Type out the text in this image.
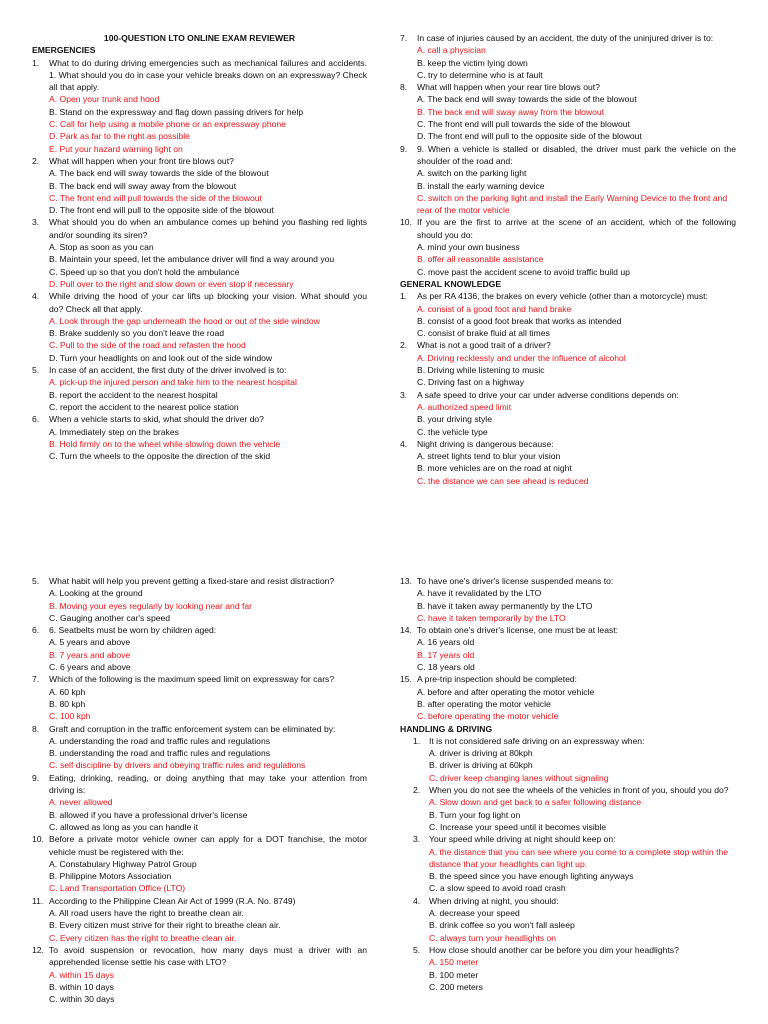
100-QUESTION LTO ONLINE EXAM REVIEWER
EMERGENCIES
1. What to do during driving emergencies such as mechanical failures and accidents. 1. What should you do in case your vehicle breaks down on an expressway? Check all that apply.
A. Open your trunk and hood
B. Stand on the expressway and flag down passing drivers for help
C. Call for help using a mobile phone or an expressway phone
D. Park as far to the right as possible
E. Put your hazard warning light on
2. What will happen when your front tire blows out?
A. The back end will sway towards the side of the blowout
B. The back end will sway away from the blowout
C. The front end will pull towards the side of the blowout
D. The front end will pull to the opposite side of the blowout
3. What should you do when an ambulance comes up behind you flashing red lights and/or sounding its siren?
A. Stop as soon as you can
B. Maintain your speed, let the ambulance driver will find a way around you
C. Speed up so that you don't hold the ambulance
D. Pull over to the right and slow down or even stop if necessary
4. While driving the hood of your car lifts up blocking your vision. What should you do? Check all that apply.
A. Look through the gap underneath the hood or out of the side window
B. Brake suddenly so you don't leave the road
C. Pull to the side of the road and refasten the hood
D. Turn your headlights on and look out of the side window
5. In case of an accident, the first duty of the driver involved is to:
A. pick-up the injured person and take him to the nearest hospital
B. report the accident to the nearest hospital
C. report the accident to the nearest police station
6. When a vehicle starts to skid, what should the driver do?
A. Immediately step on the brakes
B. Hold firmly on to the wheel while slowing down the vehicle
C. Turn the wheels to the opposite the direction of the skid
7. In case of injuries caused by an accident, the duty of the uninjured driver is to:
A. call a physician
B. keep the victim lying down
C. try to determine who is at fault
8. What will happen when your rear tire blows out?
A. The back end will sway towards the side of the blowout
B. The back end will sway away from the blowout
C. The front end will pull towards the side of the blowout
D. The front end will pull to the opposite side of the blowout
9. 9. When a vehicle is stalled or disabled, the driver must park the vehicle on the shoulder of the road and:
A. switch on the parking light
B. install the early warning device
C. switch on the parking light and install the Early Warning Device to the front and rear of the motor vehicle
10. If you are the first to arrive at the scene of an accident, which of the following should you do:
A. mind your own business
B. offer all reasonable assistance
C. move past the accident scene to avoid traffic build up
GENERAL KNOWLEDGE
1. As per RA 4136, the brakes on every vehicle (other than a motorcycle) must:
A. consist of a good foot and hand brake
B. consist of a good foot break that works as intended
C. consist of brake fluid at all times
2. What is not a good trait of a driver?
A. Driving recklessly and under the influence of alcohol
B. Driving while listening to music
C. Driving fast on a highway
3. A safe speed to drive your car under adverse conditions depends on:
A. authorized speed limit
B. your driving style
C. the vehicle type
4. Night driving is dangerous because:
A. street lights tend to blur your vision
B. more vehicles are on the road at night
C. the distance we can see ahead is reduced
5. What habit will help you prevent getting a fixed-stare and resist distraction?
A. Looking at the ground
B. Moving your eyes regularly by looking near and far
C. Gauging another car's speed
6. 6. Seatbelts must be worn by children aged:
A. 5 years and above
B. 7 years and above
C. 6 years and above
7. Which of the following is the maximum speed limit on expressway for cars?
A. 60 kph
B. 80 kph
C. 100 kph
8. Graft and corruption in the traffic enforcement system can be eliminated by:
A. understanding the road and traffic rules and regulations
B. understanding the road and traffic rules and regulations
C. self discipline by drivers and obeying traffic rules and regulations
9. Eating, drinking, reading, or doing anything that may take your attention from driving is:
A. never allowed
B. allowed if you have a professional driver's license
C. allowed as long as you can handle it
10. Before a private motor vehicle owner can apply for a DOT franchise, the motor vehicle must be registered with the:
A. Constabulary Highway Patrol Group
B. Philippine Motors Association
C. Land Transportation Office (LTO)
11. According to the Philippine Clean Air Act of 1999 (R.A. No. 8749)
A. All road users have the right to breathe clean air.
B. Every citizen must strive for their right to breathe clean air.
C. Every citizen has the right to breathe clean air.
12. To avoid suspension or revocation, how many days must a driver with an apprehended license settle his case with LTO?
A. within 15 days
B. within 10 days
C. within 30 days
13. To have one's driver's license suspended means to:
A. have it revalidated by the LTO
B. have it taken away permanently by the LTO
C. have it taken temporarily by the LTO
14. To obtain one's driver's license, one must be at least:
A. 16 years old
B. 17 years old
C. 18 years old
15. A pre-trip inspection should be completed:
A. before and after operating the motor vehicle
B. after operating the motor vehicle
C. before operating the motor vehicle
HANDLING & DRIVING
1. It is not considered safe driving on an expressway when:
A. driver is driving at 80kph
B. driver is driving at 60kph
C. driver keep changing lanes without signaling
2. When you do not see the wheels of the vehicles in front of you, should you do?
A. Slow down and get back to a safer following distance
B. Turn your fog light on
C. Increase your speed until it becomes visible
3. Your speed while driving at night should keep on:
A. the distance that you can see where you come to a complete stop within the distance that your headlights can light up.
B. the speed since you have enough lighting anyways
C. a slow speed to avoid road crash
4. When driving at night, you should:
A. decrease your speed
B. drink coffee so you won't fall asleep
C. always turn your headlights on
5. How close should another car be before you dim your headlights?
A. 150 meter
B. 100 meter
C. 200 meters
